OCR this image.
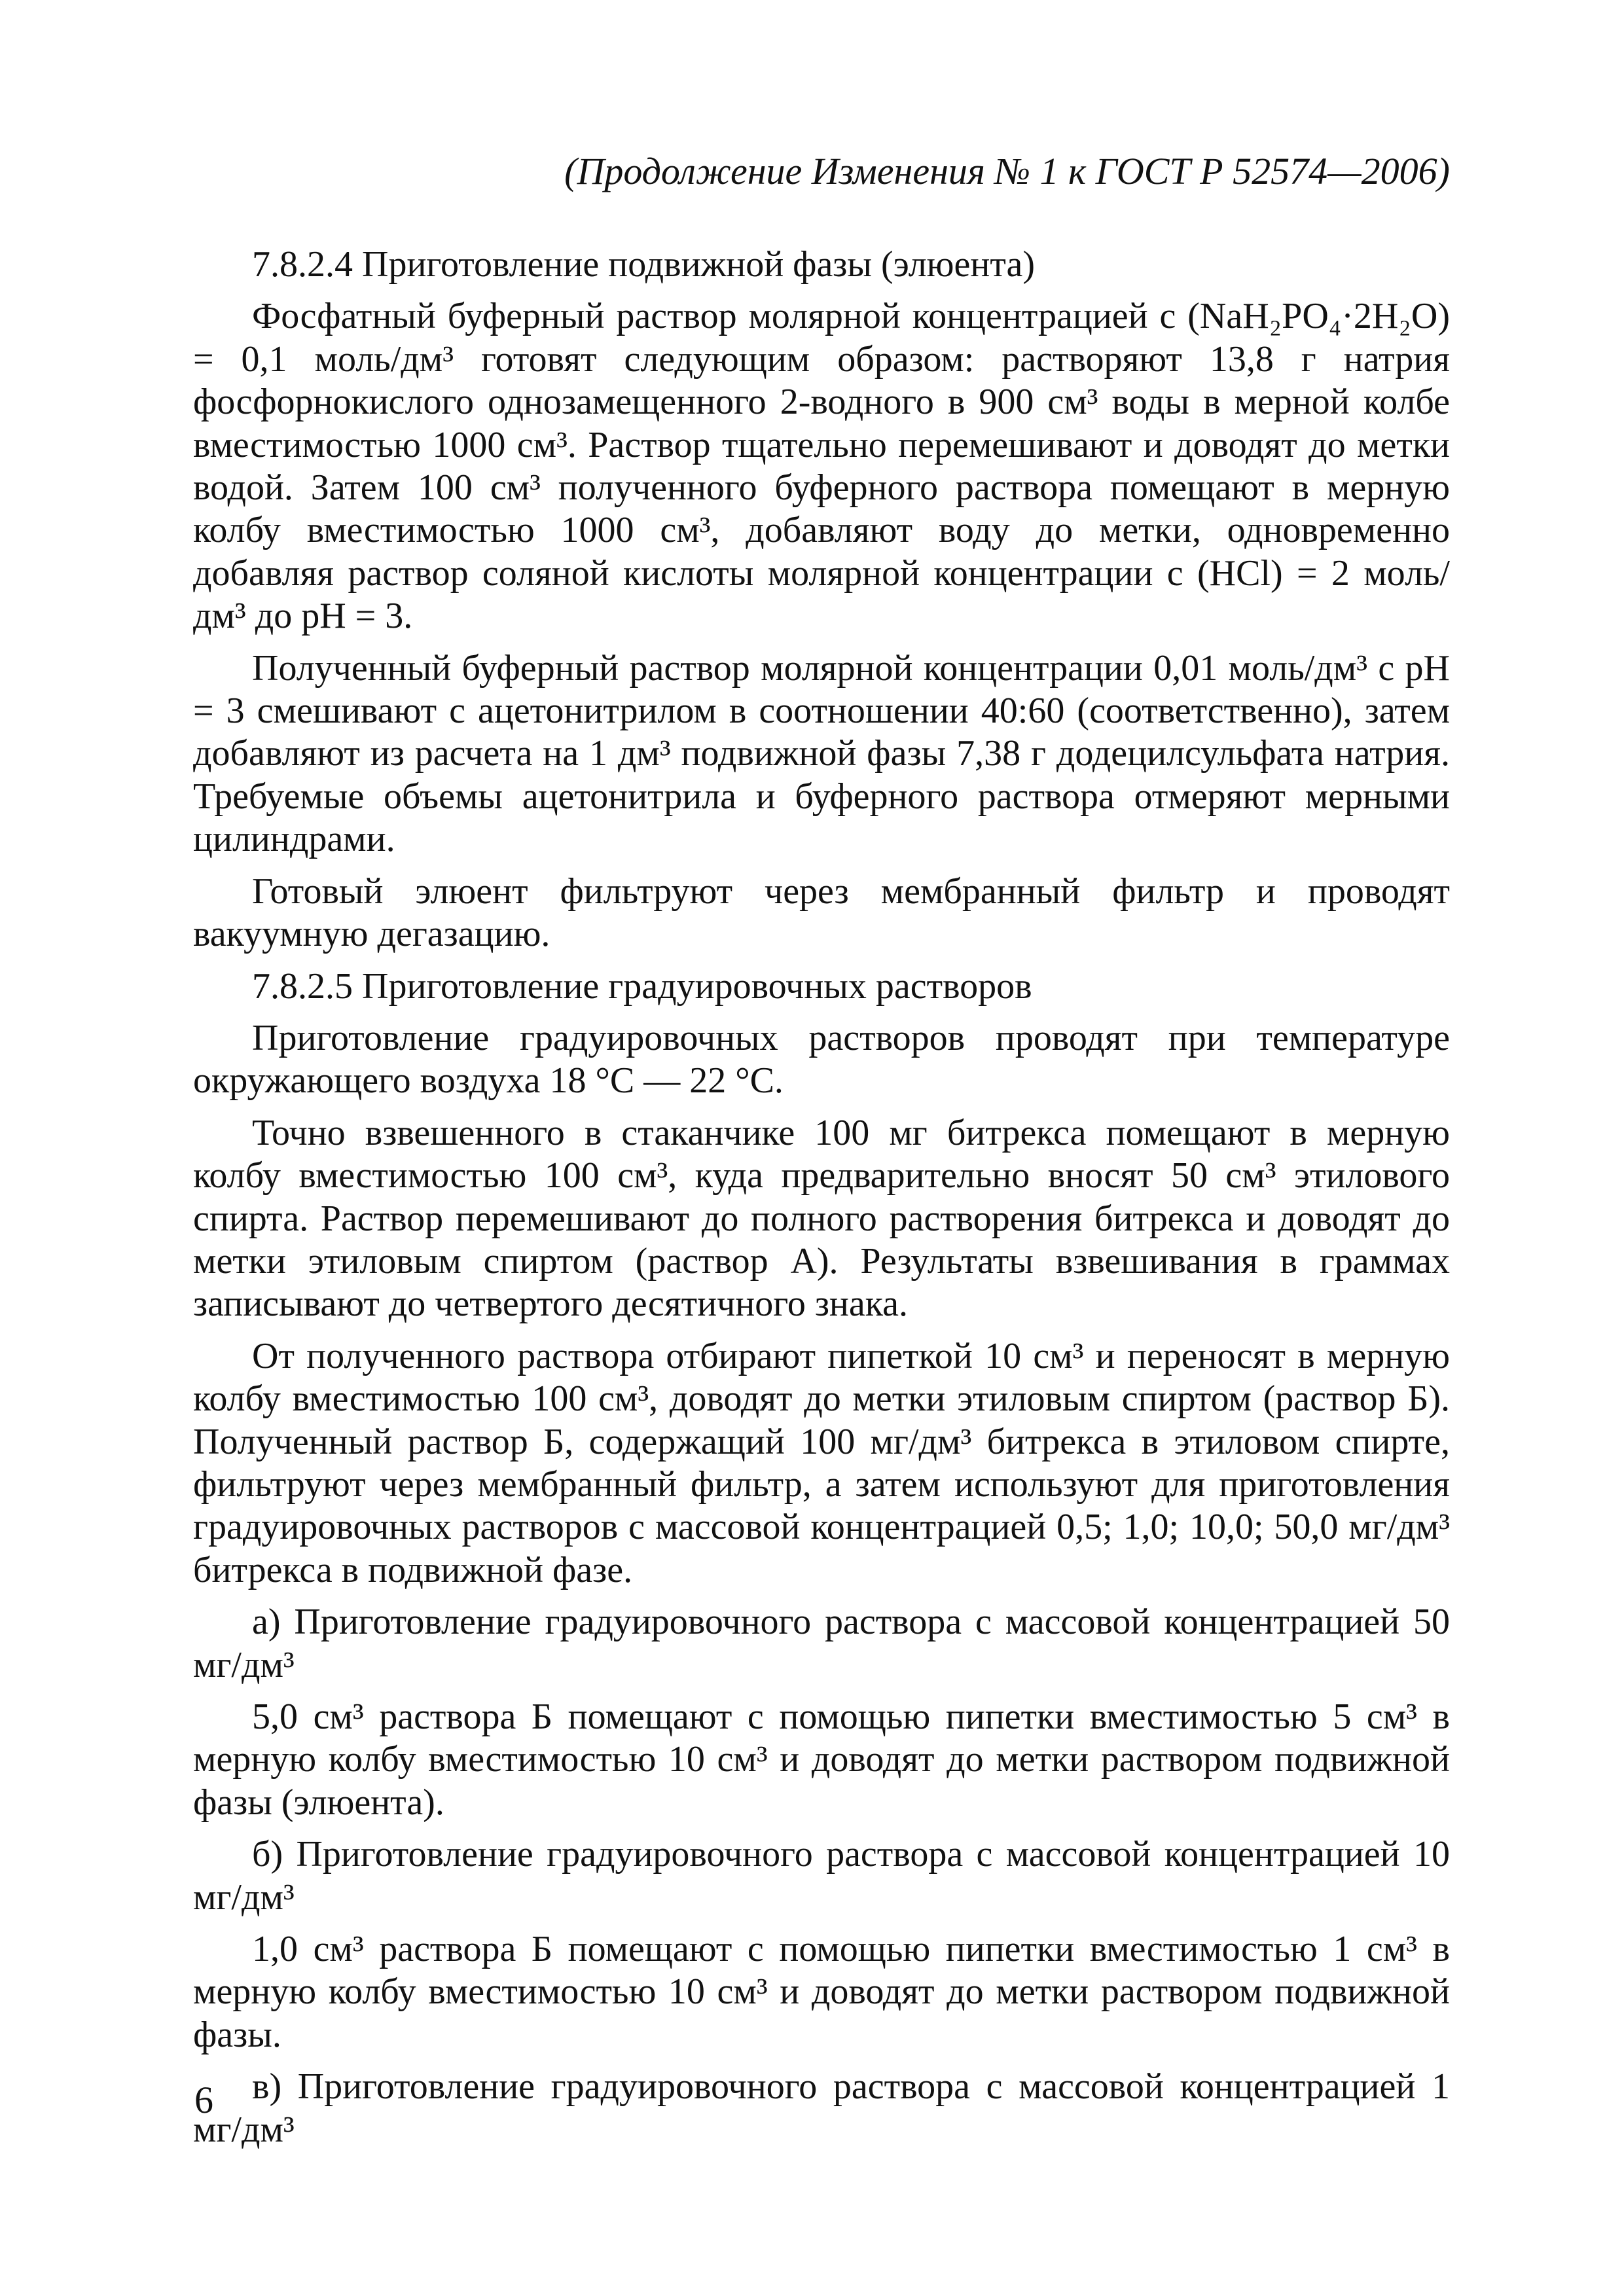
(Продолжение Изменения № 1 к ГОСТ Р 52574—2006)

7.8.2.4 Приготовление подвижной фазы (элюента)

Фосфатный буферный раствор молярной концентрацией c (NaH₂PO₄·2H₂O) = 0,1 моль/дм³ готовят следующим образом: растворяют 13,8 г натрия фосфорнокислого однозамещенного 2-водного в 900 см³ воды в мерной колбе вместимостью 1000 см³. Раствор тщательно перемешивают и доводят до метки водой. Затем 100 см³ полученного буферного раствора помещают в мерную колбу вместимостью 1000 см³, добавляют воду до метки, одновременно добавляя раствор соляной кислоты молярной концентрации c (HCl) = 2 моль/дм³ до pH = 3.

Полученный буферный раствор молярной концентрации 0,01 моль/дм³ с pH = 3 смешивают с ацетонитрилом в соотношении 40:60 (соответственно), затем добавляют из расчета на 1 дм³ подвижной фазы 7,38 г додецилсульфата натрия. Требуемые объемы ацетонитрила и буферного раствора отмеряют мерными цилиндрами.

Готовый элюент фильтруют через мембранный фильтр и проводят вакуумную дегазацию.

7.8.2.5 Приготовление градуировочных растворов

Приготовление градуировочных растворов проводят при температуре окружающего воздуха 18 °С — 22 °С.

Точно взвешенного в стаканчике 100 мг битрекса помещают в мерную колбу вместимостью 100 см³, куда предварительно вносят 50 см³ этилового спирта. Раствор перемешивают до полного растворения битрекса и доводят до метки этиловым спиртом (раствор А). Результаты взвешивания в граммах записывают до четвертого десятичного знака.

От полученного раствора отбирают пипеткой 10 см³ и переносят в мерную колбу вместимостью 100 см³, доводят до метки этиловым спиртом (раствор Б). Полученный раствор Б, содержащий 100 мг/дм³ битрекса в этиловом спирте, фильтруют через мембранный фильтр, а затем используют для приготовления градуировочных растворов с массовой концентрацией 0,5; 1,0; 10,0; 50,0 мг/дм³ битрекса в подвижной фазе.

а) Приготовление градуировочного раствора с массовой концентрацией 50 мг/дм³

5,0 см³ раствора Б помещают с помощью пипетки вместимостью 5 см³ в мерную колбу вместимостью 10 см³ и доводят до метки раствором подвижной фазы (элюента).

б) Приготовление градуировочного раствора с массовой концентрацией 10 мг/дм³

1,0 см³ раствора Б помещают с помощью пипетки вместимостью 1 см³ в мерную колбу вместимостью 10 см³ и доводят до метки раствором подвижной фазы.

в) Приготовление градуировочного раствора с массовой концентрацией 1 мг/дм³

6
